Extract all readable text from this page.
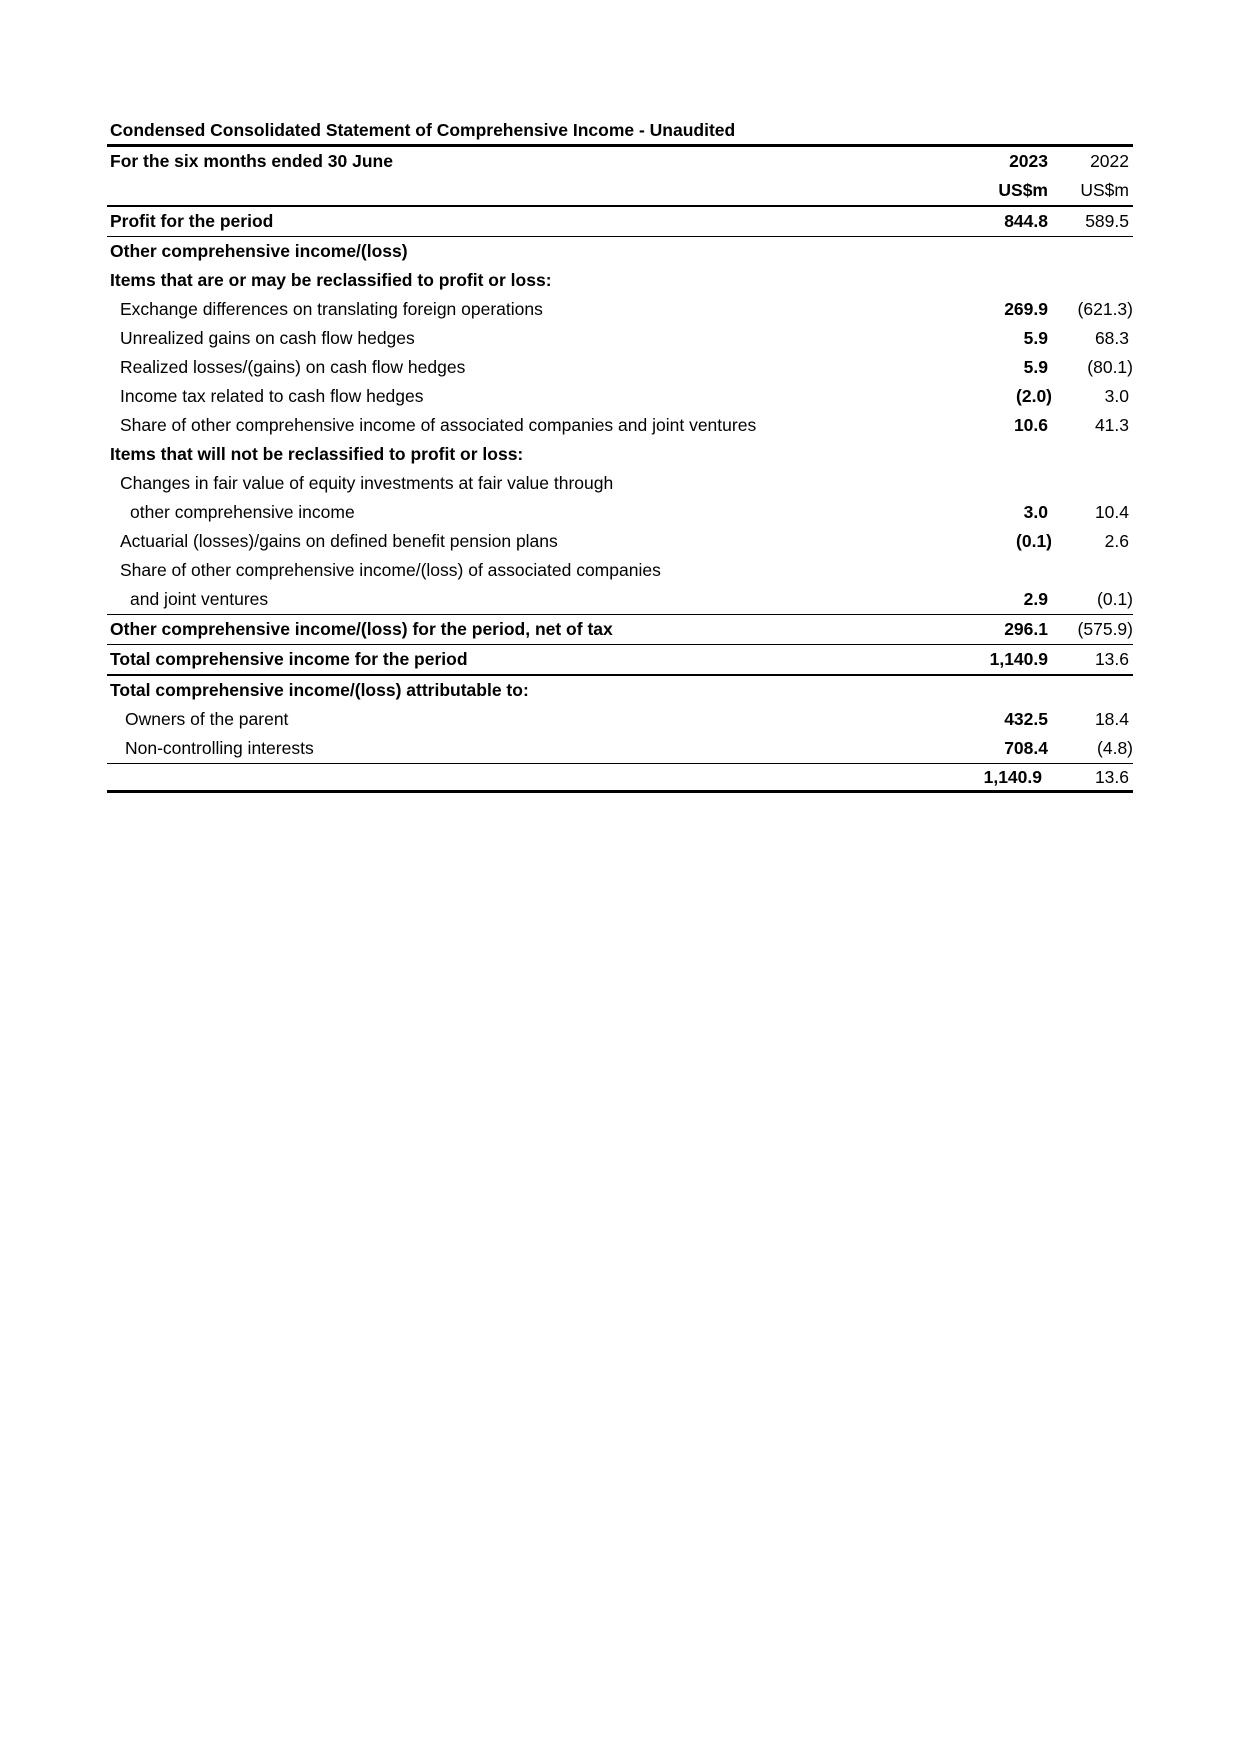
Condensed Consolidated Statement of Comprehensive Income - Unaudited
For the six months ended 30 June	2023	2022
US$m	US$m
Profit for the period	844.8	589.5
Other comprehensive income/(loss)
Items that are or may be reclassified to profit or loss:
Exchange differences on translating foreign operations	269.9	(621.3)
Unrealized gains on cash flow hedges	5.9	68.3
Realized losses/(gains) on cash flow hedges	5.9	(80.1)
Income tax related to cash flow hedges	(2.0)	3.0
Share of other comprehensive income of associated companies and joint ventures	10.6	41.3
Items that will not be reclassified to profit or loss:
Changes in fair value of equity investments at fair value through
other comprehensive income	3.0	10.4
Actuarial (losses)/gains on defined benefit pension plans	(0.1)	2.6
Share of other comprehensive income/(loss) of associated companies
and joint ventures	2.9	(0.1)
Other comprehensive income/(loss) for the period, net of tax	296.1	(575.9)
Total comprehensive income for the period	1,140.9	13.6
Total comprehensive income/(loss) attributable to:
Owners of the parent	432.5	18.4
Non-controlling interests	708.4	(4.8)
1,140.9	13.6
